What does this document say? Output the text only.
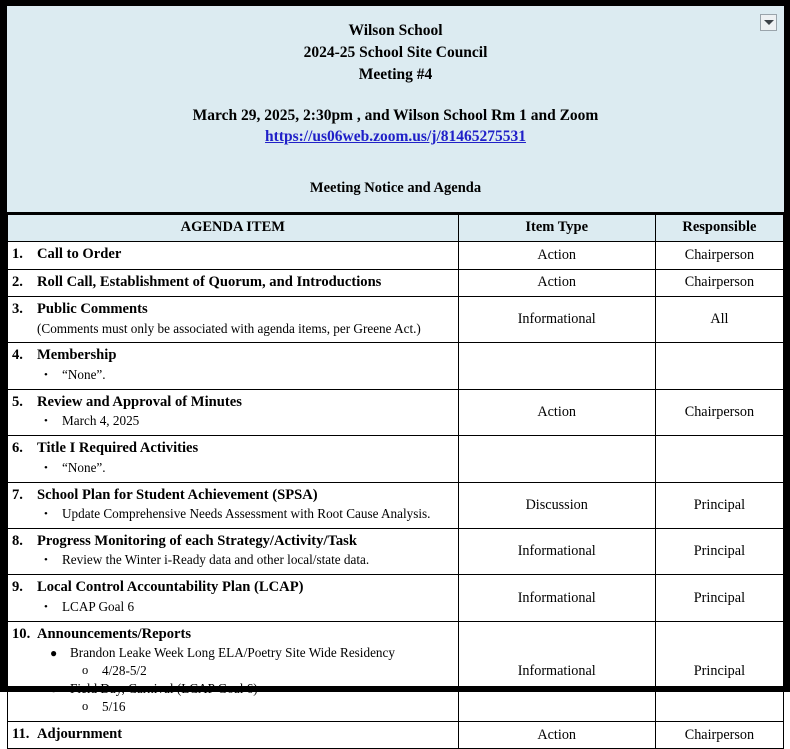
Wilson School
2024-25 School Site Council
Meeting #4
March 29, 2025, 2:30pm , and Wilson School Rm 1 and Zoom
https://us06web.zoom.us/j/81465275531
Meeting Notice and Agenda
AGENDA ITEM	Item Type	Responsible

1. Call to Order	Action	Chairperson

2. Roll Call, Establishment of Quorum, and Introductions	Action	Chairperson

3. Public Comments
(Comments must only be associated with agenda items, per Greene Act.)
	Informational	All

4. Membership
• “None”.

5. Review and Approval of Minutes
• March 4, 2025
	Action	Chairperson

6. Title I Required Activities
• “None”.

7. School Plan for Student Achievement (SPSA)
• Update Comprehensive Needs Assessment with Root Cause Analysis.
	Discussion	Principal

8. Progress Monitoring of each Strategy/Activity/Task
• Review the Winter i-Ready data and other local/state data.
	Informational	Principal

9. Local Control Accountability Plan (LCAP)
• LCAP Goal 6
	Informational	Principal

10. Announcements/Reports
● Brandon Leake Week Long ELA/Poetry Site Wide Residency
o 4/28-5/2
● Field Day, Carnival (LCAP Goal 6)
o 5/16
	Informational	Principal

11. Adjournment	Action	Chairperson
